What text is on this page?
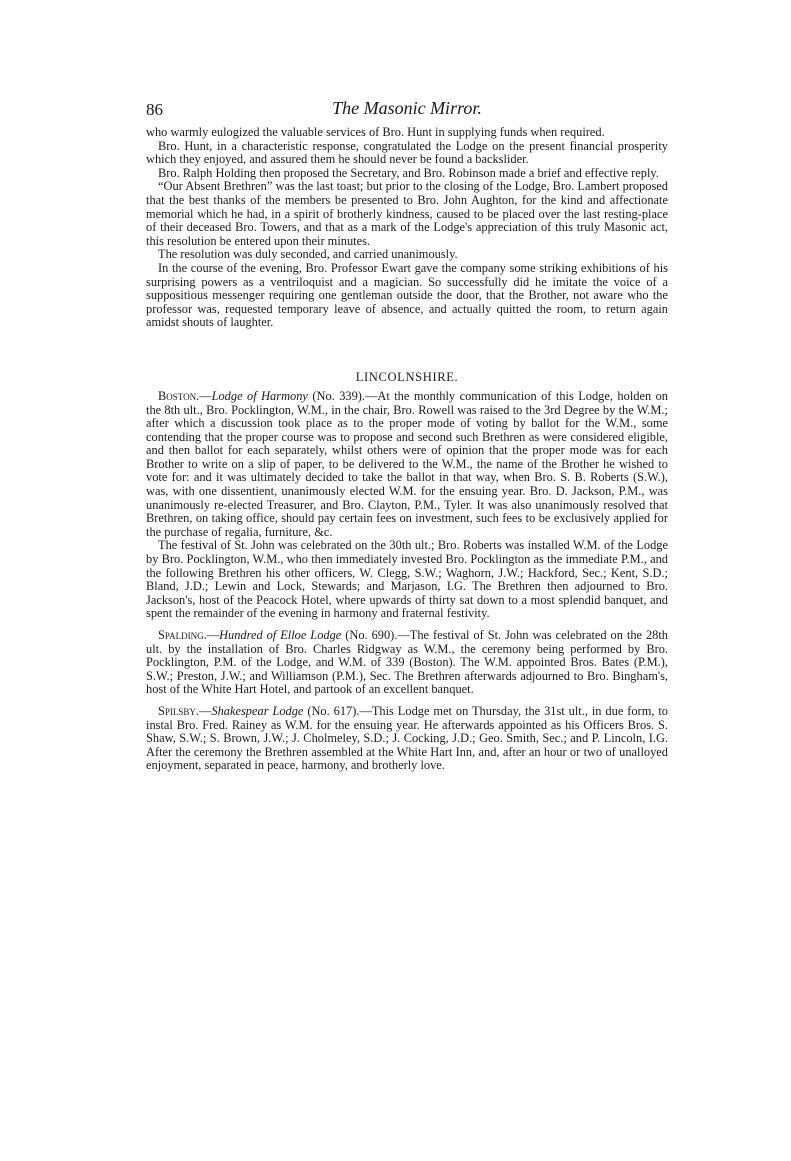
86	The Masonic Mirror.

who warmly eulogized the valuable services of Bro. Hunt in supplying funds when required.

Bro. Hunt, in a characteristic response, congratulated the Lodge on the present financial prosperity which they enjoyed, and assured them he should never be found a backslider.

Bro. Ralph Holding then proposed the Secretary, and Bro. Robinson made a brief and effective reply.

“Our Absent Brethren” was the last toast; but prior to the closing of the Lodge, Bro. Lambert proposed that the best thanks of the members be presented to Bro. John Aughton, for the kind and affectionate memorial which he had, in a spirit of brotherly kindness, caused to be placed over the last resting-place of their deceased Bro. Towers, and that as a mark of the Lodge's appreciation of this truly Masonic act, this resolution be entered upon their minutes.

The resolution was duly seconded, and carried unanimously.

In the course of the evening, Bro. Professor Ewart gave the company some striking exhibitions of his surprising powers as a ventriloquist and a magician. So successfully did he imitate the voice of a suppositious messenger requiring one gentleman outside the door, that the Brother, not aware who the professor was, requested temporary leave of absence, and actually quitted the room, to return again amidst shouts of laughter.

LINCOLNSHIRE.

Boston.—Lodge of Harmony (No. 339).—At the monthly communication of this Lodge, holden on the 8th ult., Bro. Pocklington, W.M., in the chair, Bro. Rowell was raised to the 3rd Degree by the W.M.; after which a discussion took place as to the proper mode of voting by ballot for the W.M., some contending that the proper course was to propose and second such Brethren as were considered eligible, and then ballot for each separately, whilst others were of opinion that the proper mode was for each Brother to write on a slip of paper, to be delivered to the W.M., the name of the Brother he wished to vote for: and it was ultimately decided to take the ballot in that way, when Bro. S. B. Roberts (S.W.), was, with one dissentient, unanimously elected W.M. for the ensuing year. Bro. D. Jackson, P.M., was unanimously re-elected Treasurer, and Bro. Clayton, P.M., Tyler. It was also unanimously resolved that Brethren, on taking office, should pay certain fees on investment, such fees to be exclusively applied for the purchase of regalia, furniture, &c.

The festival of St. John was celebrated on the 30th ult.; Bro. Roberts was installed W.M. of the Lodge by Bro. Pocklington, W.M., who then immediately invested Bro. Pocklington as the immediate P.M., and the following Brethren his other officers, W. Clegg, S.W.; Waghorn, J.W.; Hackford, Sec.; Kent, S.D.; Bland, J.D.; Lewin and Lock, Stewards; and Marjason, I.G. The Brethren then adjourned to Bro. Jackson's, host of the Peacock Hotel, where upwards of thirty sat down to a most splendid banquet, and spent the remainder of the evening in harmony and fraternal festivity.

Spalding.—Hundred of Elloe Lodge (No. 690).—The festival of St. John was celebrated on the 28th ult. by the installation of Bro. Charles Ridgway as W.M., the ceremony being performed by Bro. Pocklington, P.M. of the Lodge, and W.M. of 339 (Boston). The W.M. appointed Bros. Bates (P.M.), S.W.; Preston, J.W.; and Williamson (P.M.), Sec. The Brethren afterwards adjourned to Bro. Bingham's, host of the White Hart Hotel, and partook of an excellent banquet.

Spilsby.—Shakespear Lodge (No. 617).—This Lodge met on Thursday, the 31st ult., in due form, to instal Bro. Fred. Rainey as W.M. for the ensuing year. He afterwards appointed as his Officers Bros. S. Shaw, S.W.; S. Brown, J.W.; J. Cholmeley, S.D.; J. Cocking, J.D.; Geo. Smith, Sec.; and P. Lincoln, I.G. After the ceremony the Brethren assembled at the White Hart Inn, and, after an hour or two of unalloyed enjoyment, separated in peace, harmony, and brotherly love.
